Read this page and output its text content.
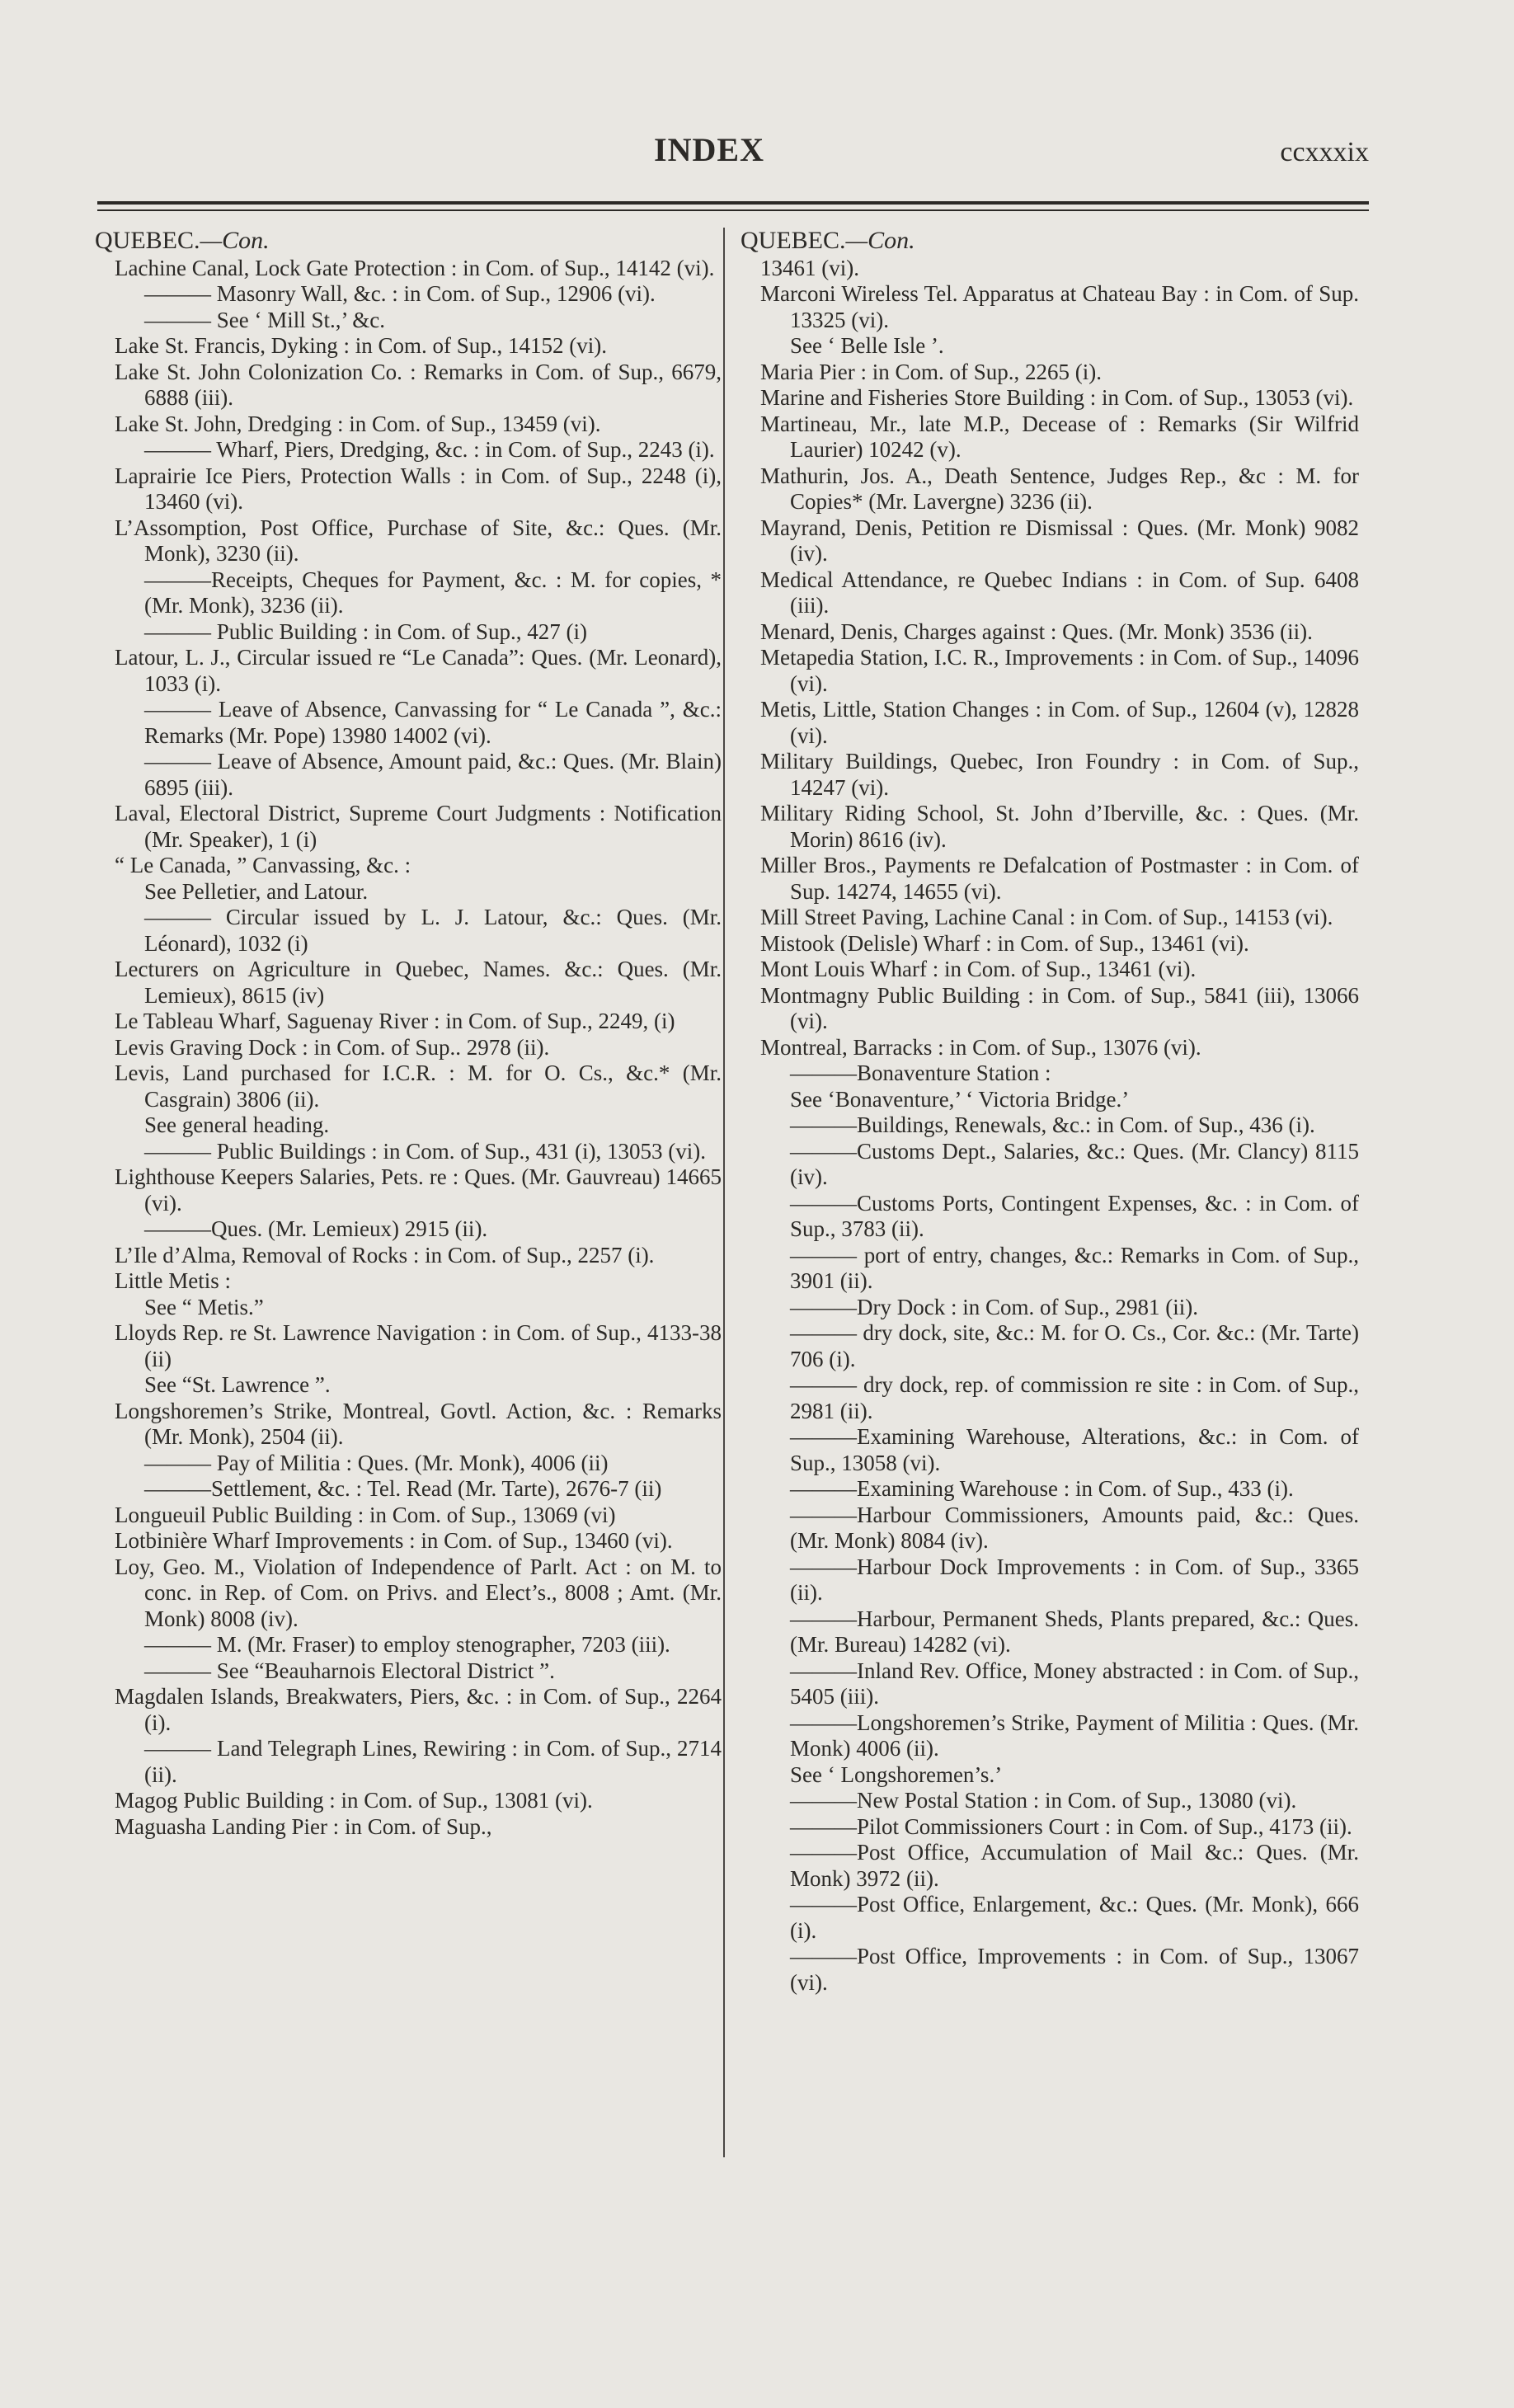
INDEX	ccxxxix

QUEBEC.—Con.

Lachine Canal, Lock Gate Protection : in Com. of Sup., 14142 (vi).

——— Masonry Wall, &c. : in Com. of Sup., 12906 (vi).

——— See ‘ Mill St.,’ &c.

Lake St. Francis, Dyking : in Com. of Sup., 14152 (vi).

Lake St. John Colonization Co. : Remarks in Com. of Sup., 6679, 6888 (iii).

Lake St. John, Dredging : in Com. of Sup., 13459 (vi).

——— Wharf, Piers, Dredging, &c. : in Com. of Sup., 2243 (i).

Laprairie Ice Piers, Protection Walls : in Com. of Sup., 2248 (i), 13460 (vi).

L’Assomption, Post Office, Purchase of Site, &c.: Ques. (Mr. Monk), 3230 (ii).

———Receipts, Cheques for Payment, &c. : M. for copies, * (Mr. Monk), 3236 (ii).

——— Public Building : in Com. of Sup., 427 (i)

Latour, L. J., Circular issued re “Le Canada”: Ques. (Mr. Leonard), 1033 (i).

——— Leave of Absence, Canvassing for “ Le Canada ”, &c.: Remarks (Mr. Pope) 13980 14002 (vi).

——— Leave of Absence, Amount paid, &c.: Ques. (Mr. Blain) 6895 (iii).

Laval, Electoral District, Supreme Court Judgments : Notification (Mr. Speaker), 1 (i)

“ Le Canada, ” Canvassing, &c. :

See Pelletier, and Latour.

——— Circular issued by L. J. Latour, &c.: Ques. (Mr. Léonard), 1032 (i)

Lecturers on Agriculture in Quebec, Names. &c.: Ques. (Mr. Lemieux), 8615 (iv)

Le Tableau Wharf, Saguenay River : in Com. of Sup., 2249, (i)

Levis Graving Dock : in Com. of Sup.. 2978 (ii).

Levis, Land purchased for I.C.R. : M. for O. Cs., &c.* (Mr. Casgrain) 3806 (ii).

See general heading.

——— Public Buildings : in Com. of Sup., 431 (i), 13053 (vi).

Lighthouse Keepers Salaries, Pets. re : Ques. (Mr. Gauvreau) 14665 (vi).

———Ques. (Mr. Lemieux) 2915 (ii).

L’Ile d’Alma, Removal of Rocks : in Com. of Sup., 2257 (i).

Little Metis :

See “ Metis.”

Lloyds Rep. re St. Lawrence Navigation : in Com. of Sup., 4133-38 (ii)

See “St. Lawrence ”.

Longshoremen’s Strike, Montreal, Govtl. Action, &c. : Remarks (Mr. Monk), 2504 (ii).

——— Pay of Militia : Ques. (Mr. Monk), 4006 (ii)

———Settlement, &c. : Tel. Read (Mr. Tarte), 2676-7 (ii)

Longueuil Public Building : in Com. of Sup., 13069 (vi)

Lotbinière Wharf Improvements : in Com. of Sup., 13460 (vi).

Loy, Geo. M., Violation of Independence of Parlt. Act : on M. to conc. in Rep. of Com. on Privs. and Elect’s., 8008 ; Amt. (Mr. Monk) 8008 (iv).

——— M. (Mr. Fraser) to employ stenographer, 7203 (iii).

——— See “Beauharnois Electoral District ”.

Magdalen Islands, Breakwaters, Piers, &c. : in Com. of Sup., 2264 (i).

——— Land Telegraph Lines, Rewiring : in Com. of Sup., 2714 (ii).

Magog Public Building : in Com. of Sup., 13081 (vi).

Maguasha Landing Pier : in Com. of Sup.,

QUEBEC.—Con.

13461 (vi).

Marconi Wireless Tel. Apparatus at Chateau Bay : in Com. of Sup. 13325 (vi).

See ‘ Belle Isle ’.

Maria Pier : in Com. of Sup., 2265 (i).

Marine and Fisheries Store Building : in Com. of Sup., 13053 (vi).

Martineau, Mr., late M.P., Decease of : Remarks (Sir Wilfrid Laurier) 10242 (v).

Mathurin, Jos. A., Death Sentence, Judges Rep., &c : M. for Copies* (Mr. Lavergne) 3236 (ii).

Mayrand, Denis, Petition re Dismissal : Ques. (Mr. Monk) 9082 (iv).

Medical Attendance, re Quebec Indians : in Com. of Sup. 6408 (iii).

Menard, Denis, Charges against : Ques. (Mr. Monk) 3536 (ii).

Metapedia Station, I.C. R., Improvements : in Com. of Sup., 14096 (vi).

Metis, Little, Station Changes : in Com. of Sup., 12604 (v), 12828 (vi).

Military Buildings, Quebec, Iron Foundry : in Com. of Sup., 14247 (vi).

Military Riding School, St. John d’Iberville, &c. : Ques. (Mr. Morin) 8616 (iv).

Miller Bros., Payments re Defalcation of Postmaster : in Com. of Sup. 14274, 14655 (vi).

Mill Street Paving, Lachine Canal : in Com. of Sup., 14153 (vi).

Mistook (Delisle) Wharf : in Com. of Sup., 13461 (vi).

Mont Louis Wharf : in Com. of Sup., 13461 (vi).

Montmagny Public Building : in Com. of Sup., 5841 (iii), 13066 (vi).

Montreal, Barracks : in Com. of Sup., 13076 (vi).

———Bonaventure Station :

See ‘Bonaventure,’ ‘ Victoria Bridge.’

———Buildings, Renewals, &c.: in Com. of Sup., 436 (i).

———Customs Dept., Salaries, &c.: Ques. (Mr. Clancy) 8115 (iv).

———Customs Ports, Contingent Expenses, &c. : in Com. of Sup., 3783 (ii).

——— port of entry, changes, &c.: Remarks in Com. of Sup., 3901 (ii).

———Dry Dock : in Com. of Sup., 2981 (ii).

——— dry dock, site, &c.: M. for O. Cs., Cor. &c.: (Mr. Tarte) 706 (i).

——— dry dock, rep. of commission re site : in Com. of Sup., 2981 (ii).

———Examining Warehouse, Alterations, &c.: in Com. of Sup., 13058 (vi).

———Examining Warehouse : in Com. of Sup., 433 (i).

———Harbour Commissioners, Amounts paid, &c.: Ques. (Mr. Monk) 8084 (iv).

———Harbour Dock Improvements : in Com. of Sup., 3365 (ii).

———Harbour, Permanent Sheds, Plants prepared, &c.: Ques. (Mr. Bureau) 14282 (vi).

———Inland Rev. Office, Money abstracted : in Com. of Sup., 5405 (iii).

———Longshoremen’s Strike, Payment of Militia : Ques. (Mr. Monk) 4006 (ii).

See ‘ Longshoremen’s.’

———New Postal Station : in Com. of Sup., 13080 (vi).

———Pilot Commissioners Court : in Com. of Sup., 4173 (ii).

———Post Office, Accumulation of Mail &c.: Ques. (Mr. Monk) 3972 (ii).

———Post Office, Enlargement, &c.: Ques. (Mr. Monk), 666 (i).

———Post Office, Improvements : in Com. of Sup., 13067 (vi).
